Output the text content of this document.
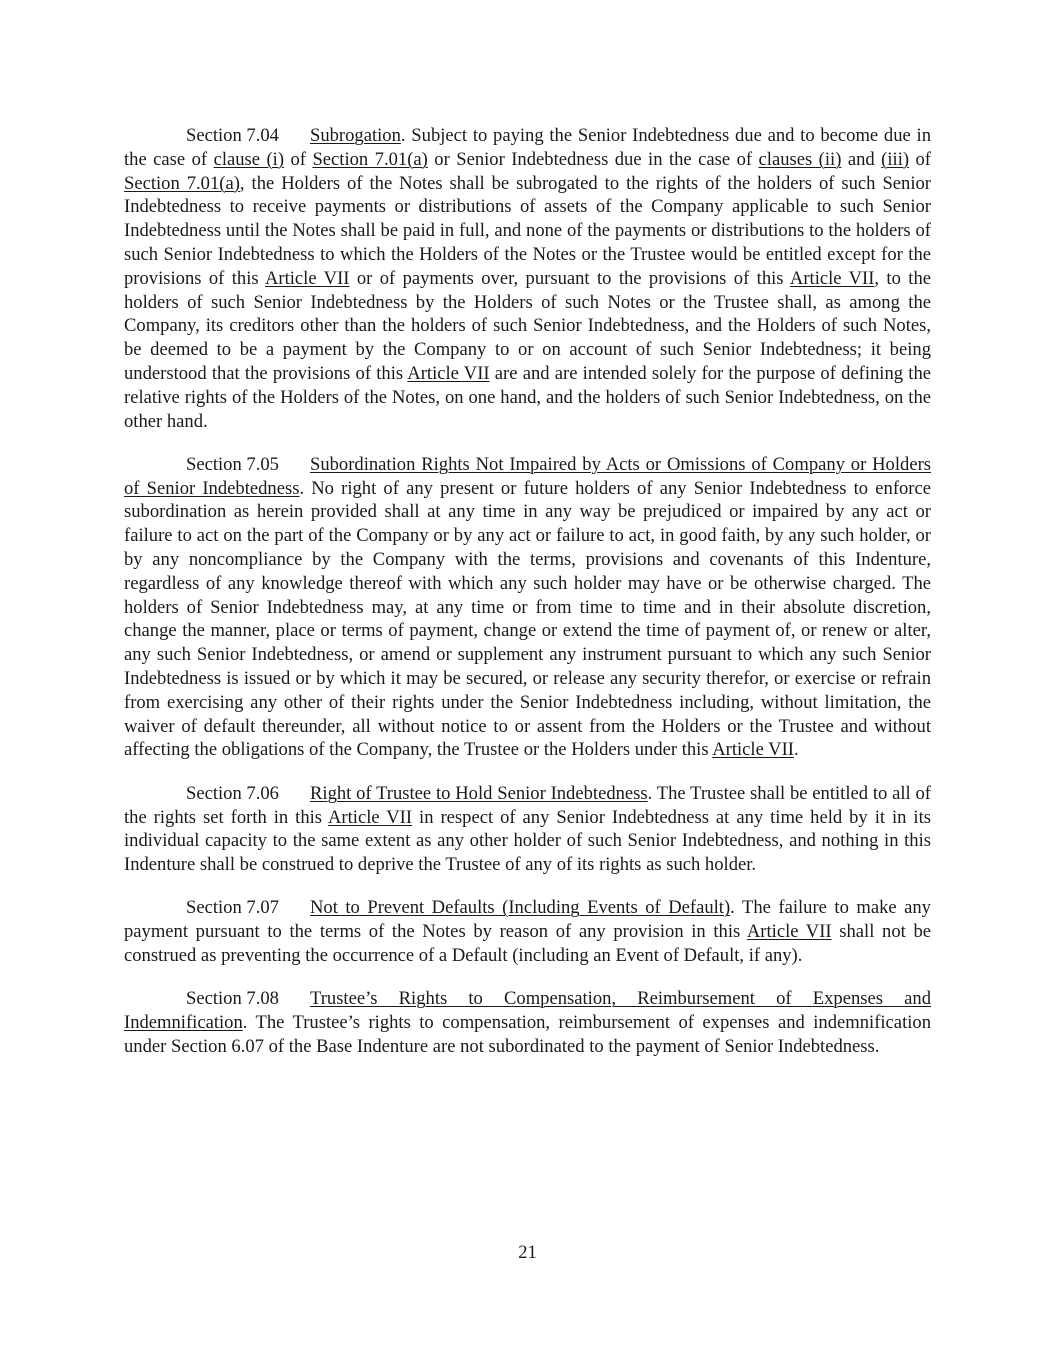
Section 7.04 Subrogation. Subject to paying the Senior Indebtedness due and to become due in the case of clause (i) of Section 7.01(a) or Senior Indebtedness due in the case of clauses (ii) and (iii) of Section 7.01(a), the Holders of the Notes shall be subrogated to the rights of the holders of such Senior Indebtedness to receive payments or distributions of assets of the Company applicable to such Senior Indebtedness until the Notes shall be paid in full, and none of the payments or distributions to the holders of such Senior Indebtedness to which the Holders of the Notes or the Trustee would be entitled except for the provisions of this Article VII or of payments over, pursuant to the provisions of this Article VII, to the holders of such Senior Indebtedness by the Holders of such Notes or the Trustee shall, as among the Company, its creditors other than the holders of such Senior Indebtedness, and the Holders of such Notes, be deemed to be a payment by the Company to or on account of such Senior Indebtedness; it being understood that the provisions of this Article VII are and are intended solely for the purpose of defining the relative rights of the Holders of the Notes, on one hand, and the holders of such Senior Indebtedness, on the other hand.

Section 7.05 Subordination Rights Not Impaired by Acts or Omissions of Company or Holders of Senior Indebtedness. No right of any present or future holders of any Senior Indebtedness to enforce subordination as herein provided shall at any time in any way be prejudiced or impaired by any act or failure to act on the part of the Company or by any act or failure to act, in good faith, by any such holder, or by any noncompliance by the Company with the terms, provisions and covenants of this Indenture, regardless of any knowledge thereof with which any such holder may have or be otherwise charged. The holders of Senior Indebtedness may, at any time or from time to time and in their absolute discretion, change the manner, place or terms of payment, change or extend the time of payment of, or renew or alter, any such Senior Indebtedness, or amend or supplement any instrument pursuant to which any such Senior Indebtedness is issued or by which it may be secured, or release any security therefor, or exercise or refrain from exercising any other of their rights under the Senior Indebtedness including, without limitation, the waiver of default thereunder, all without notice to or assent from the Holders or the Trustee and without affecting the obligations of the Company, the Trustee or the Holders under this Article VII.

Section 7.06 Right of Trustee to Hold Senior Indebtedness. The Trustee shall be entitled to all of the rights set forth in this Article VII in respect of any Senior Indebtedness at any time held by it in its individual capacity to the same extent as any other holder of such Senior Indebtedness, and nothing in this Indenture shall be construed to deprive the Trustee of any of its rights as such holder.

Section 7.07 Not to Prevent Defaults (Including Events of Default). The failure to make any payment pursuant to the terms of the Notes by reason of any provision in this Article VII shall not be construed as preventing the occurrence of a Default (including an Event of Default, if any).

Section 7.08 Trustee’s Rights to Compensation, Reimbursement of Expenses and Indemnification. The Trustee’s rights to compensation, reimbursement of expenses and indemnification under Section 6.07 of the Base Indenture are not subordinated to the payment of Senior Indebtedness.

21
